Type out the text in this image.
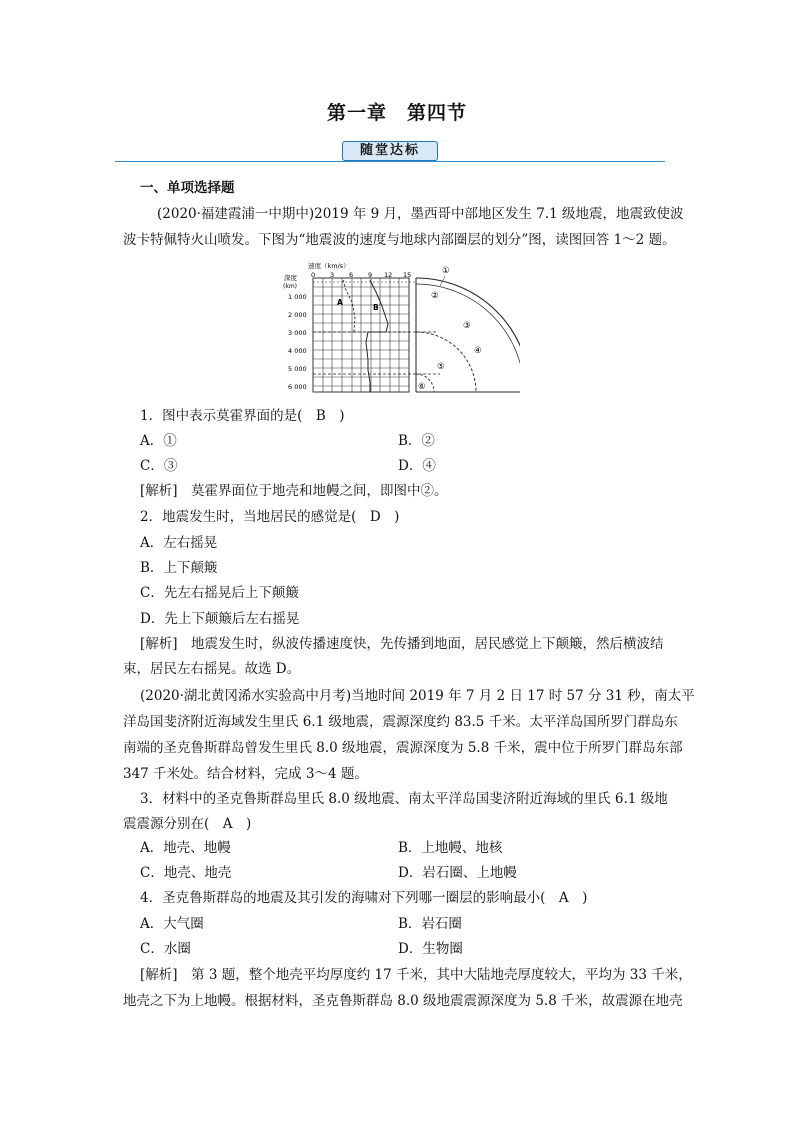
第一章　第四节
随堂达标
一、单项选择题
(2020·福建霞浦一中期中)2019 年 9 月，墨西哥中部地区发生 7.1 级地震，地震致使波
波卡特佩特火山喷发。下图为“地震波的速度与地球内部圈层的划分”图，读图回答 1～2 题。
速度（km/s）
深度
(km)
0 3 6 9 12 15
1 000
2 000
3 000
4 000
5 000
6 000
A
B
①
②
③
④
⑤
⑥
1．图中表示莫霍界面的是(　B　)
A．①	B．②
C．③	D．④
[解析]　莫霍界面位于地壳和地幔之间，即图中②。
2．地震发生时，当地居民的感觉是(　D　)
A．左右摇晃
B．上下颠簸
C．先左右摇晃后上下颠簸
D．先上下颠簸后左右摇晃
[解析]　地震发生时，纵波传播速度快，先传播到地面，居民感觉上下颠簸，然后横波结
束，居民左右摇晃。故选 D。
(2020·湖北黄冈浠水实验高中月考)当地时间 2019 年 7 月 2 日 17 时 57 分 31 秒，南太平
洋岛国斐济附近海域发生里氏 6.1 级地震，震源深度约 83.5 千米。太平洋岛国所罗门群岛东
南端的圣克鲁斯群岛曾发生里氏 8.0 级地震，震源深度为 5.8 千米，震中位于所罗门群岛东部
347 千米处。结合材料，完成 3～4 题。
3．材料中的圣克鲁斯群岛里氏 8.0 级地震、南太平洋岛国斐济附近海域的里氏 6.1 级地
震震源分别在(　A　)
A．地壳、地幔	B．上地幔、地核
C．地壳、地壳	D．岩石圈、上地幔
4．圣克鲁斯群岛的地震及其引发的海啸对下列哪一圈层的影响最小(　A　)
A．大气圈	B．岩石圈
C．水圈	D．生物圈
[解析]　第 3 题，整个地壳平均厚度约 17 千米，其中大陆地壳厚度较大，平均为 33 千米，
地壳之下为上地幔。根据材料，圣克鲁斯群岛 8.0 级地震震源深度为 5.8 千米，故震源在地壳
